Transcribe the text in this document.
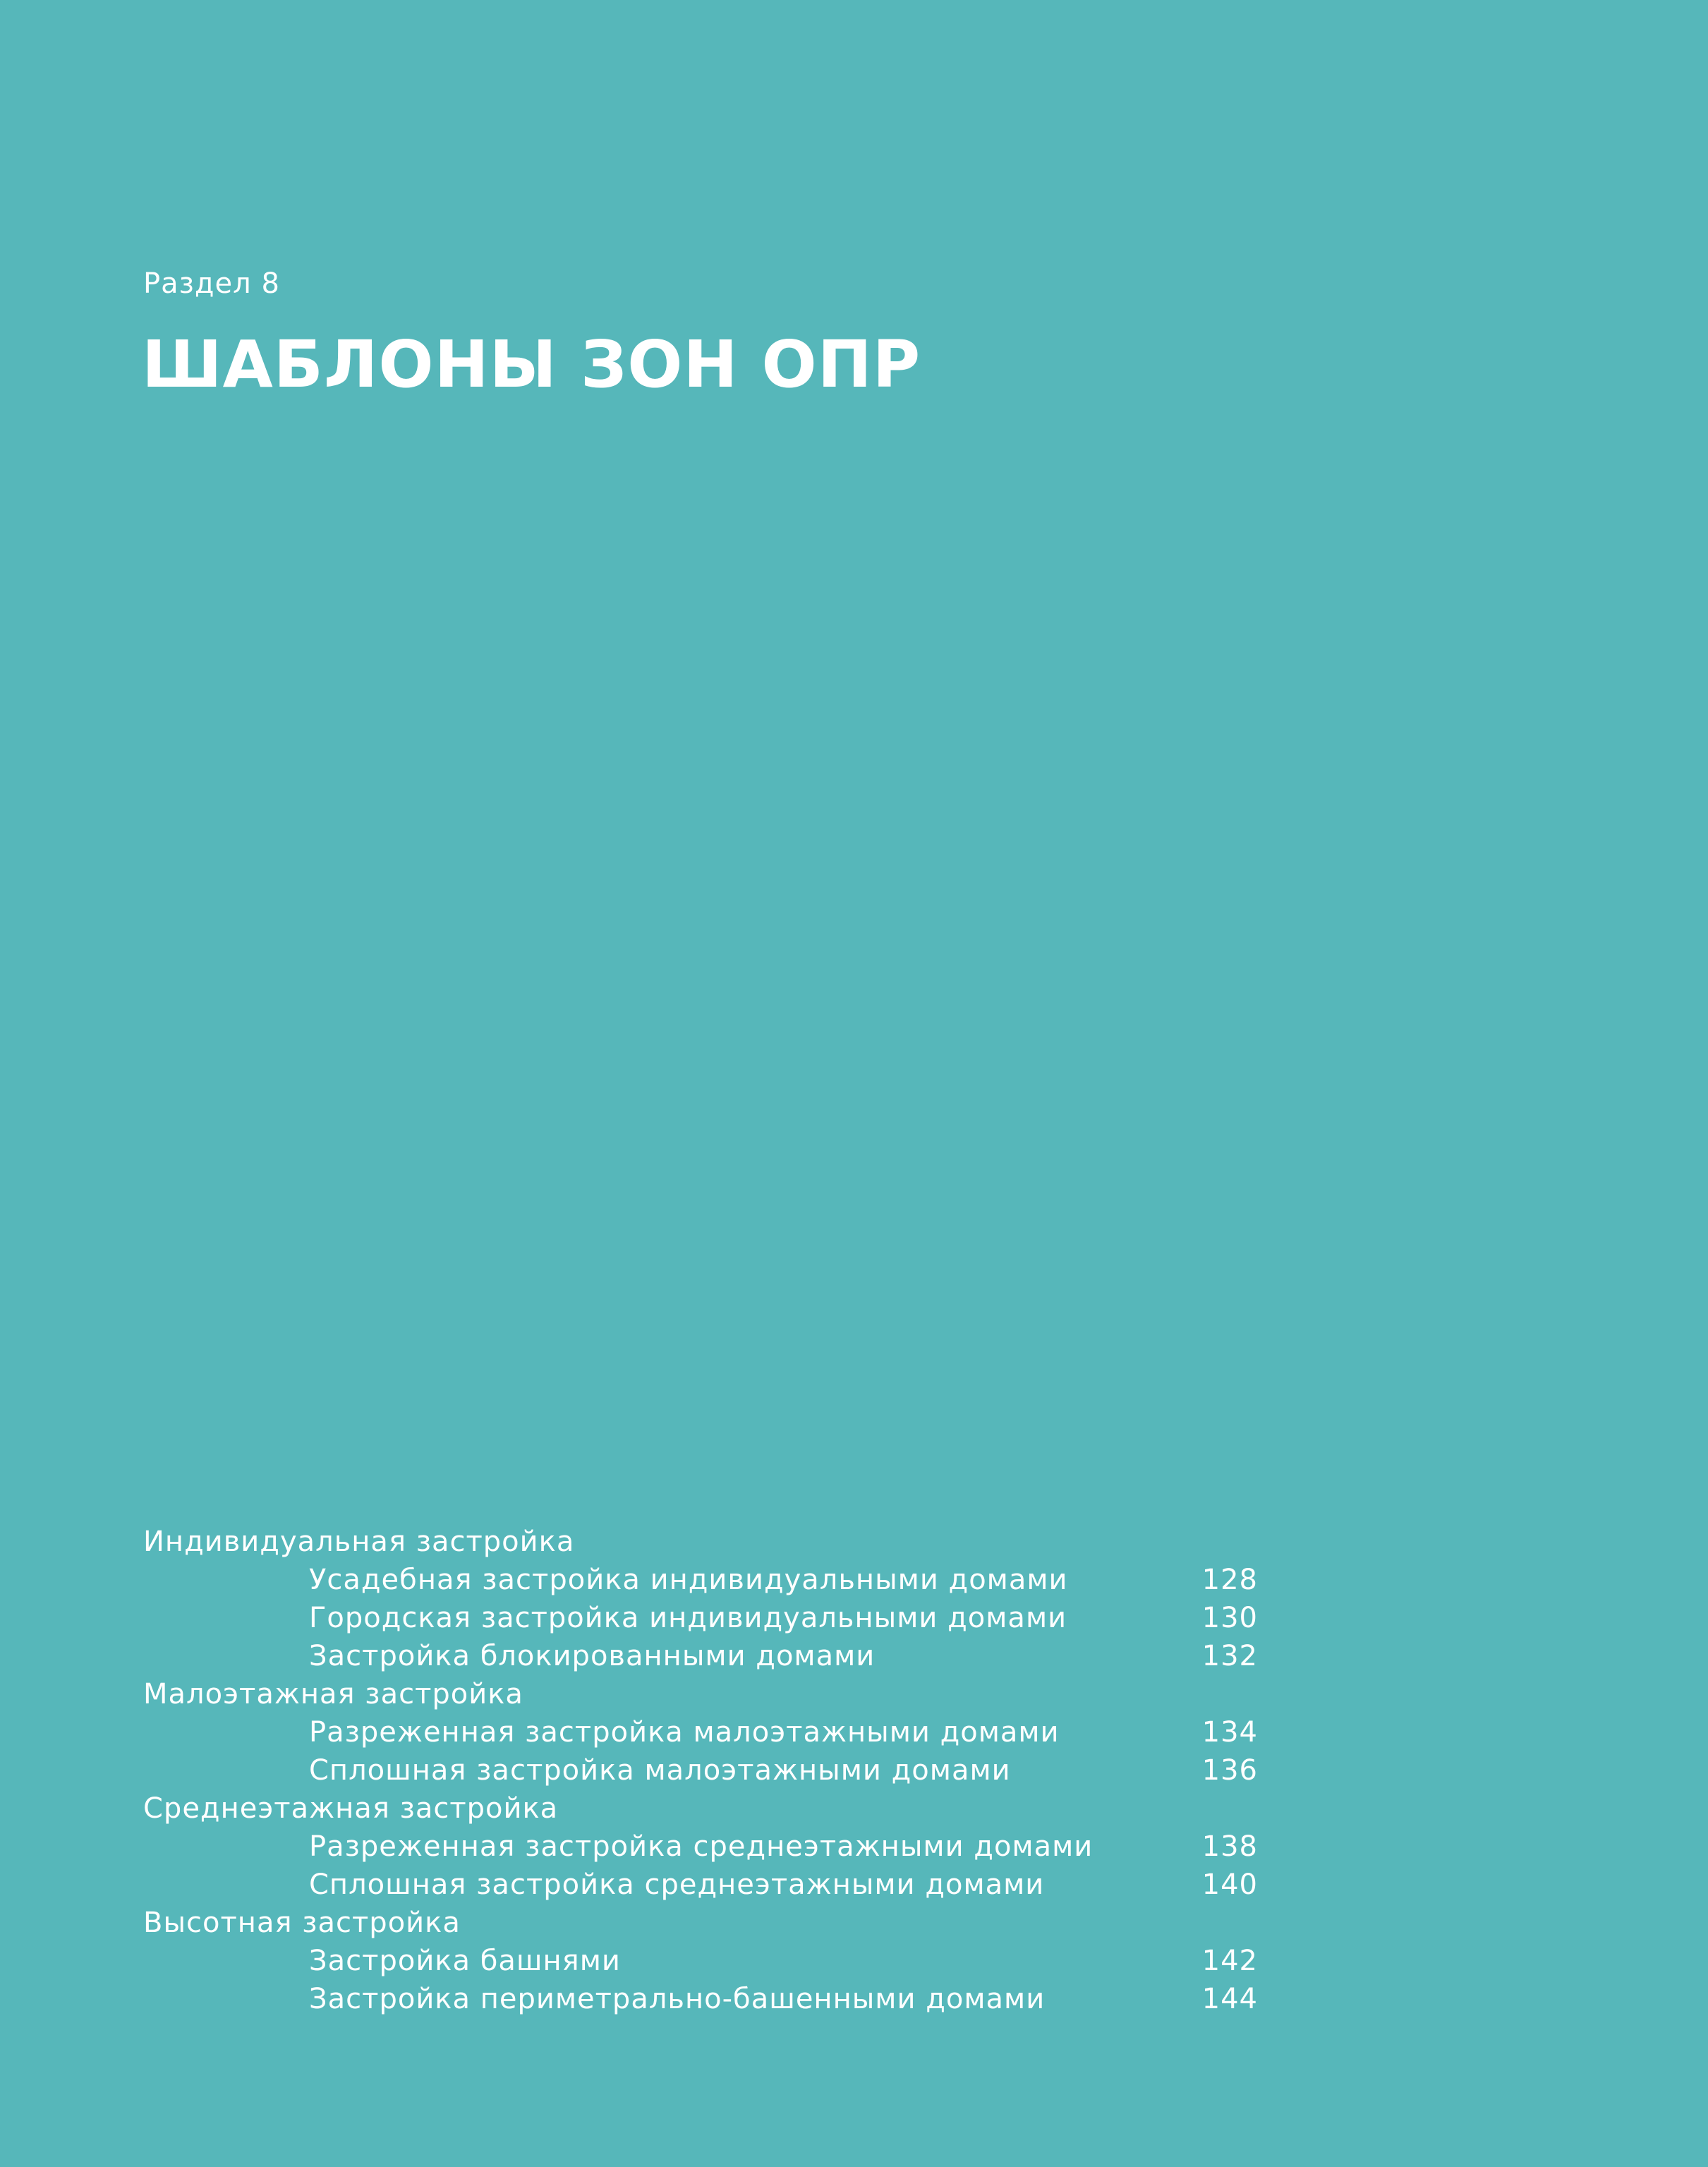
Раздел 8
ШАБЛОНЫ ЗОН ОПР
Индивидуальная застройка
Усадебная застройка индивидуальными домами	128
Городская застройка индивидуальными домами	130
Застройка блокированными домами	132
Малоэтажная застройка
Разреженная застройка малоэтажными домами	134
Сплошная застройка малоэтажными домами	136
Среднеэтажная застройка
Разреженная застройка среднеэтажными домами	138
Сплошная застройка среднеэтажными домами	140
Высотная застройка
Застройка башнями	142
Застройка периметрально-башенными домами	144
